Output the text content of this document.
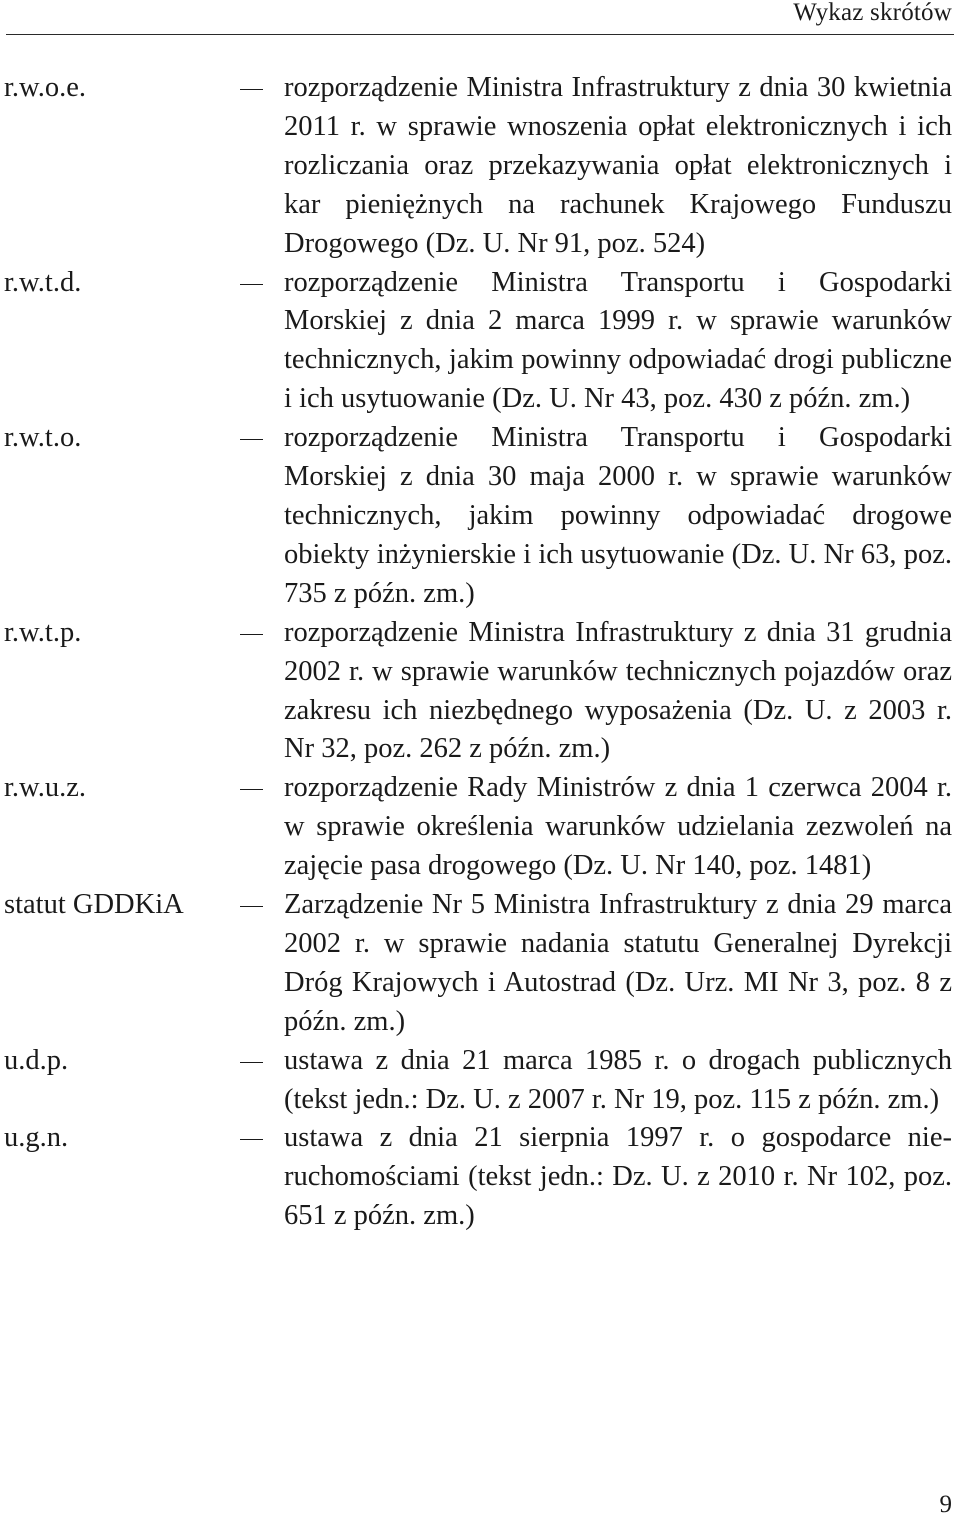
Wykaz skrótów
r.w.o.e.	rozporządzenie Ministra Infrastruktury z dnia 30 kwietnia 2011 r. w sprawie wnoszenia opłat elektronicznych i ich rozliczania oraz przekazywania opłat elektronicznych i kar pieniężnych na rachunek Krajowego Funduszu Drogowego (Dz. U. Nr 91, poz. 524)
r.w.t.d.	rozporządzenie Ministra Transportu i Gospodarki Morskiej z dnia 2 marca 1999 r. w sprawie warunków technicznych, jakim powinny odpowiadać drogi publiczne i ich usytuowanie (Dz. U. Nr 43, poz. 430 z późn. zm.)
r.w.t.o.	rozporządzenie Ministra Transportu i Gospodarki Morskiej z dnia 30 maja 2000 r. w sprawie warunków technicznych, jakim powinny odpowiadać drogowe obiekty inżynierskie i ich usytuowanie (Dz. U. Nr 63, poz. 735 z późn. zm.)
r.w.t.p.	rozporządzenie Ministra Infrastruktury z dnia 31 grudnia 2002 r. w sprawie warunków technicznych pojazdów oraz zakresu ich niezbędnego wyposażenia (Dz. U. z 2003 r. Nr 32, poz. 262 z późn. zm.)
r.w.u.z.	rozporządzenie Rady Ministrów z dnia 1 czerwca 2004 r. w sprawie określenia warunków udzielania zezwoleń na zajęcie pasa drogowego (Dz. U. Nr 140, poz. 1481)
statut GDDKiA	Zarządzenie Nr 5 Ministra Infrastruktury z dnia 29 marca 2002 r. w sprawie nadania statutu Generalnej Dyrekcji Dróg Krajowych i Autostrad (Dz. Urz. MI Nr 3, poz. 8 z późn. zm.)
u.d.p.	ustawa z dnia 21 marca 1985 r. o drogach publicznych (tekst jedn.: Dz. U. z 2007 r. Nr 19, poz. 115 z późn. zm.)
u.g.n.	ustawa z dnia 21 sierpnia 1997 r. o gospodarce nieruchomościami (tekst jedn.: Dz. U. z 2010 r. Nr 102, poz. 651 z późn. zm.)
9
